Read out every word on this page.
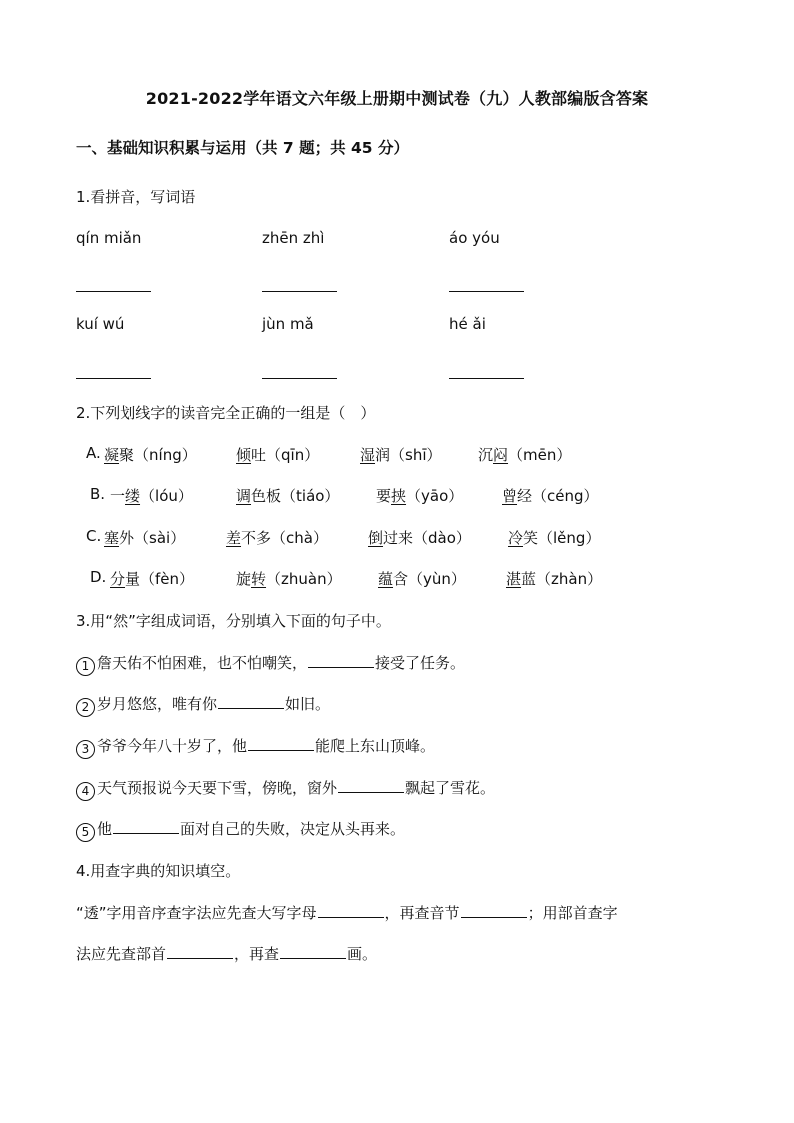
2021-2022学年语文六年级上册期中测试卷（九）人教部编版含答案
一、基础知识积累与运用（共 7 题；共 45 分）
1.看拼音，写词语
qín miǎn	zhēn zhì	áo yóu
kuí wú	jùn mǎ	hé ǎi
2.下列划线字的读音完全正确的一组是（　）
A. 凝聚（níng）	倾吐（qīn）	湿润（shī） 沉闷（mēn）
B. 一缕（lóu）	调色板（tiáo） 要挟（yāo）	曾经（céng）
C. 塞外（sài）	差不多（chà）	倒过来（dào） 冷笑（lěng）
D. 分量（fèn）	旋转（zhuàn） 蕴含（yùn）	湛蓝（zhàn）
3.用“然”字组成词语，分别填入下面的句子中。
1 詹天佑不怕困难，也不怕嘲笑，	接受了任务。
2 岁月悠悠，唯有你	如旧。
3 爷爷今年八十岁了，他	能爬上东山顶峰。
4 天气预报说今天要下雪，傍晚，窗外	飘起了雪花。
5 他	面对自己的失败，决定从头再来。
4.用查字典的知识填空。
“透”字用音序查字法应先查大写字母	，再查音节	；用部首查字
法应先查部首	，再查	画。
